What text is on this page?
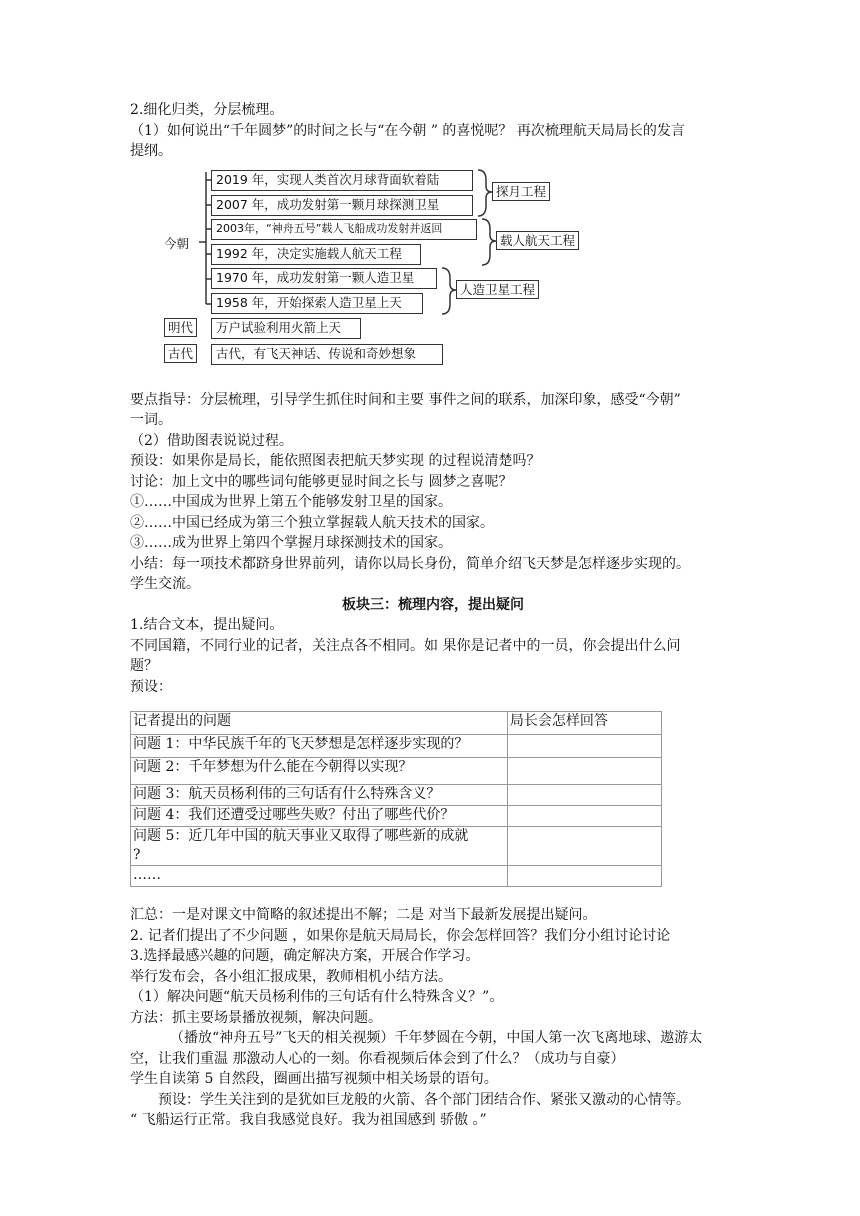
2.细化归类，分层梳理。
（1）如何说出“千年圆梦”的时间之长与“在今朝 ” 的喜悦呢？ 再次梳理航天局局长的发言
提纲。
今朝
2019 年，实现人类首次月球背面软着陆
2007 年，成功发射第一颗月球探测卫星
2003年，“神舟五号”载人飞船成功发射并返回
1992 年，决定实施载人航天工程
1970 年，成功发射第一颗人造卫星
1958 年，开始探索人造卫星上天
探月工程
载人航天工程
人造卫星工程
明代	万户试验利用火箭上天
古代	古代，有飞天神话、传说和奇妙想象
要点指导：分层梳理，引导学生抓住时间和主要 事件之间的联系，加深印象，感受“今朝”
一词。
（2）借助图表说说过程。
预设：如果你是局长，能依照图表把航天梦实现 的过程说清楚吗？
讨论：加上文中的哪些词句能够更显时间之长与 圆梦之喜呢？
①……中国成为世界上第五个能够发射卫星的国家。
②……中国已经成为第三个独立掌握载人航天技术的国家。
③……成为世界上第四个掌握月球探测技术的国家。
小结：每一项技术都跻身世界前列，请你以局长身份，简单介绍飞天梦是怎样逐步实现的。
学生交流。
板块三：梳理内容，提出疑问
1.结合文本，提出疑问。
不同国籍，不同行业的记者，关注点各不相同。如 果你是记者中的一员，你会提出什么问
题？
预设：
记者提出的问题	局长会怎样回答
问题 1：中华民族千年的飞天梦想是怎样逐步实现的？	
问题 2：千年梦想为什么能在今朝得以实现？	
问题 3：航天员杨利伟的三句话有什么特殊含义？	
问题 4：我们还遭受过哪些失败？付出了哪些代价？	
问题 5：近几年中国的航天事业又取得了哪些新的成就
?	
……	
汇总：一是对课文中简略的叙述提出不解；二是 对当下最新发展提出疑问。
2. 记者们提出了不少问题 ，如果你是航天局局长，你会怎样回答？我们分小组讨论讨论
3.选择最感兴趣的问题，确定解决方案，开展合作学习。
举行发布会，各小组汇报成果，教师相机小结方法。
（1）解决问题“航天员杨利伟的三句话有什么特殊含义？”。
方法：抓主要场景播放视频，解决问题。
（播放“神舟五号”飞天的相关视频）千年梦圆在今朝，中国人第一次飞离地球、遨游太
空，让我们重温 那激动人心的一刻。你看视频后体会到了什么？（成功与自豪）
学生自读第 5 自然段，圈画出描写视频中相关场景的语句。
预设：学生关注到的是犹如巨龙般的火箭、各个部门团结合作、紧张又激动的心情等。
“ 飞船运行正常。我自我感觉良好。我为祖国感到 骄傲 。”
